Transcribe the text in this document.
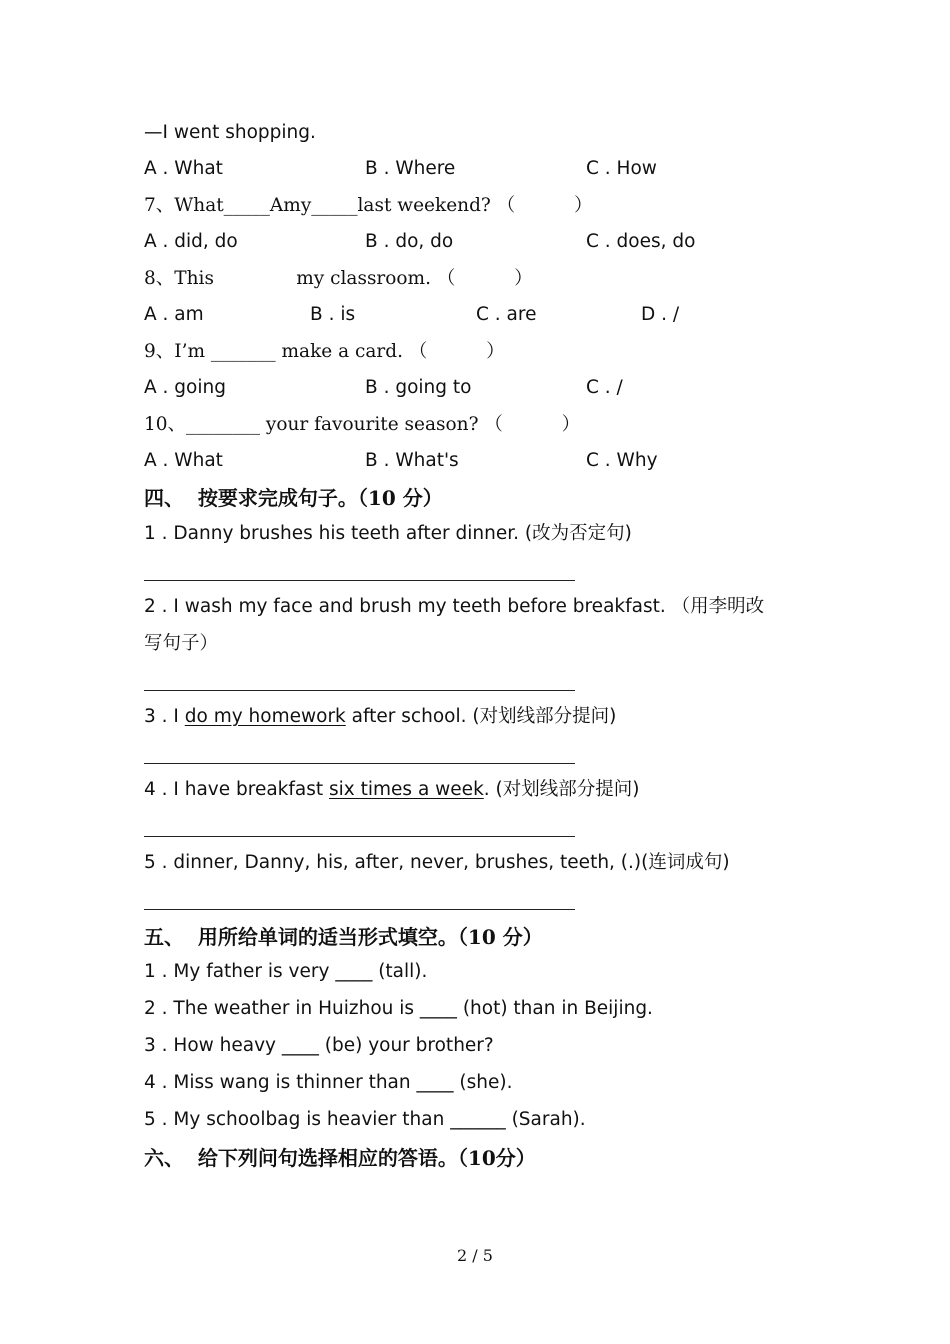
—I went shopping.
A . What	B . Where	C . How
7、What_____Amy_____last weekend? （          ）
A . did, do	B . do, do	C . does, do
8、This              my classroom. （          ）
A . am	B . is	C . are	D . /
9、I’m _______ make a card. （          ）
A . going	B . going to	C . /
10、________ your favourite season? （          ）
A . What	B . What's	C . Why
四、  按要求完成句子。（10 分）
1 . Danny brushes his teeth after dinner. (改为否定句)
2 . I wash my face and brush my teeth before breakfast. （用李明改
写句子）
3 . I do my homework after school. (对划线部分提问)
4 . I have breakfast six times a week. (对划线部分提问)
5 . dinner, Danny, his, after, never, brushes, teeth, (.)(连词成句)
五、  用所给单词的适当形式填空。（10 分）
1 . My father is very ____ (tall).
2 . The weather in Huizhou is ____ (hot) than in Beijing.
3 . How heavy ____ (be) your brother?
4 . Miss wang is thinner than ____ (she).
5 . My schoolbag is heavier than ______ (Sarah).
六、  给下列问句选择相应的答语。（10分）
2 / 5
